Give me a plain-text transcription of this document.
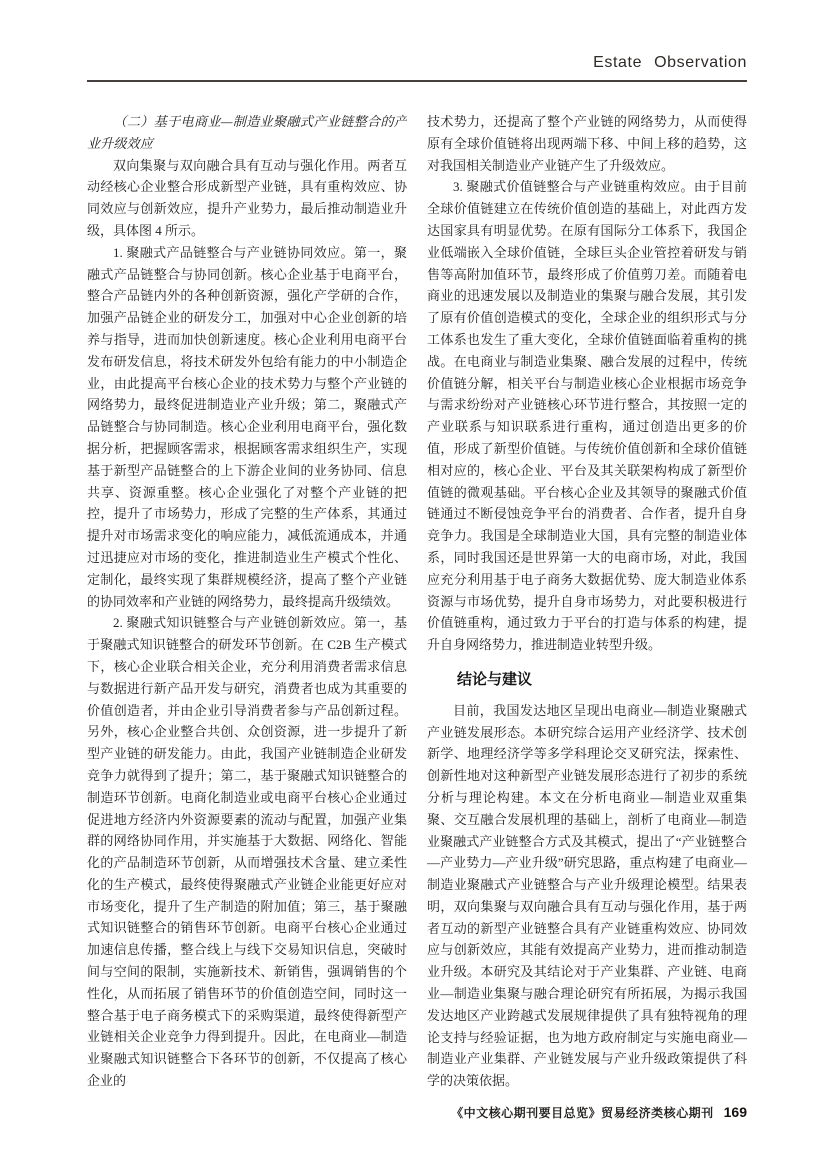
Estate Observation
（二）基于电商业—制造业聚融式产业链整合的产业升级效应

双向集聚与双向融合具有互动与强化作用。两者互动经核心企业整合形成新型产业链，具有重构效应、协同效应与创新效应，提升产业势力，最后推动制造业升级，具体图 4 所示。

1. 聚融式产品链整合与产业链协同效应。第一，聚融式产品链整合与协同创新。核心企业基于电商平台，整合产品链内外的各种创新资源，强化产学研的合作，加强产品链企业的研发分工，加强对中心企业创新的培养与指导，进而加快创新速度。核心企业利用电商平台发布研发信息，将技术研发外包给有能力的中小制造企业，由此提高平台核心企业的技术势力与整个产业链的网络势力，最终促进制造业产业升级；第二，聚融式产品链整合与协同制造。核心企业利用电商平台，强化数据分析，把握顾客需求，根据顾客需求组织生产，实现基于新型产品链整合的上下游企业间的业务协同、信息共享、资源重整。核心企业强化了对整个产业链的把控，提升了市场势力，形成了完整的生产体系，其通过提升对市场需求变化的响应能力，减低流通成本，并通过迅捷应对市场的变化，推进制造业生产模式个性化、定制化，最终实现了集群规模经济，提高了整个产业链的协同效率和产业链的网络势力，最终提高升级绩效。

2. 聚融式知识链整合与产业链创新效应。第一，基于聚融式知识链整合的研发环节创新。在 C2B 生产模式下，核心企业联合相关企业，充分利用消费者需求信息与数据进行新产品开发与研究，消费者也成为其重要的价值创造者，并由企业引导消费者参与产品创新过程。另外，核心企业整合共创、众创资源，进一步提升了新型产业链的研发能力。由此，我国产业链制造企业研发竞争力就得到了提升；第二，基于聚融式知识链整合的制造环节创新。电商化制造业或电商平台核心企业通过促进地方经济内外资源要素的流动与配置，加强产业集群的网络协同作用，并实施基于大数据、网络化、智能化的产品制造环节创新，从而增强技术含量、建立柔性化的生产模式，最终使得聚融式产业链企业能更好应对市场变化，提升了生产制造的附加值；第三，基于聚融式知识链整合的销售环节创新。电商平台核心企业通过加速信息传播，整合线上与线下交易知识信息，突破时间与空间的限制，实施新技术、新销售，强调销售的个性化，从而拓展了销售环节的价值创造空间，同时这一整合基于电子商务模式下的采购渠道，最终使得新型产业链相关企业竞争力得到提升。因此，在电商业—制造业聚融式知识链整合下各环节的创新，不仅提高了核心企业的

技术势力，还提高了整个产业链的网络势力，从而使得原有全球价值链将出现两端下移、中间上移的趋势，这对我国相关制造业产业链产生了升级效应。

3. 聚融式价值链整合与产业链重构效应。由于目前全球价值链建立在传统价值创造的基础上，对此西方发达国家具有明显优势。在原有国际分工体系下，我国企业低端嵌入全球价值链，全球巨头企业管控着研发与销售等高附加值环节，最终形成了价值剪刀差。而随着电商业的迅速发展以及制造业的集聚与融合发展，其引发了原有价值创造模式的变化，全球企业的组织形式与分工体系也发生了重大变化，全球价值链面临着重构的挑战。在电商业与制造业集聚、融合发展的过程中，传统价值链分解，相关平台与制造业核心企业根据市场竞争与需求纷纷对产业链核心环节进行整合，其按照一定的产业联系与知识联系进行重构，通过创造出更多的价值，形成了新型价值链。与传统价值创新和全球价值链相对应的，核心企业、平台及其关联架构构成了新型价值链的微观基础。平台核心企业及其领导的聚融式价值链通过不断侵蚀竞争平台的消费者、合作者，提升自身竞争力。我国是全球制造业大国，具有完整的制造业体系，同时我国还是世界第一大的电商市场，对此，我国应充分利用基于电子商务大数据优势、庞大制造业体系资源与市场优势，提升自身市场势力，对此要积极进行价值链重构，通过致力于平台的打造与体系的构建，提升自身网络势力，推进制造业转型升级。

结论与建议

目前，我国发达地区呈现出电商业—制造业聚融式产业链发展形态。本研究综合运用产业经济学、技术创新学、地理经济学等多学科理论交叉研究法，探索性、创新性地对这种新型产业链发展形态进行了初步的系统分析与理论构建。本文在分析电商业—制造业双重集聚、交互融合发展机理的基础上，剖析了电商业—制造业聚融式产业链整合方式及其模式，提出了“产业链整合—产业势力—产业升级”研究思路，重点构建了电商业—制造业聚融式产业链整合与产业升级理论模型。结果表明，双向集聚与双向融合具有互动与强化作用，基于两者互动的新型产业链整合具有产业链重构效应、协同效应与创新效应，其能有效提高产业势力，进而推动制造业升级。本研究及其结论对于产业集群、产业链、电商业—制造业集聚与融合理论研究有所拓展，为揭示我国发达地区产业跨越式发展规律提供了具有独特视角的理论支持与经验证据，也为地方政府制定与实施电商业—制造业产业集群、产业链发展与产业升级政策提供了科学的决策依据。

《中文核心期刊要目总览》贸易经济类核心期刊 169
